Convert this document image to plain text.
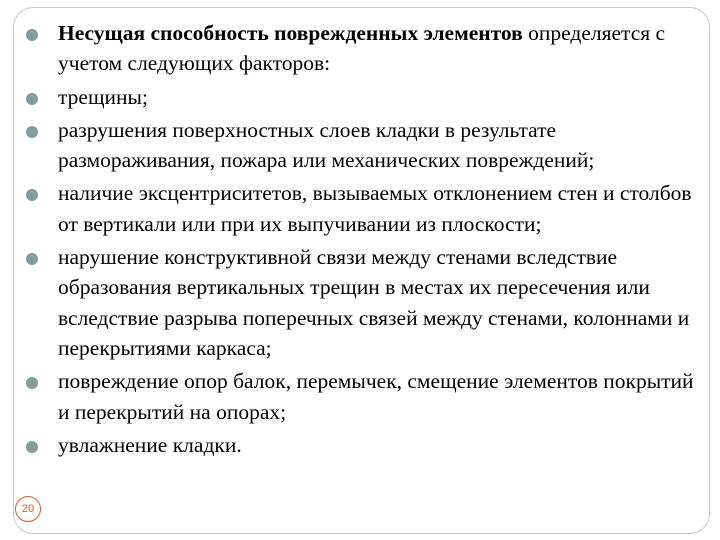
Несущая способность поврежденных элементов определяется с учетом следующих факторов:
трещины;
разрушения поверхностных слоев кладки в результате размораживания, пожара или механических повреждений;
наличие эксцентриситетов, вызываемых отклонением стен и столбов от вертикали или при их выпучивании из плоскости;
нарушение конструктивной связи между стенами вследствие образования вертикальных трещин в местах их пересечения или вследствие разрыва поперечных связей между стенами, колоннами и перекрытиями каркаса;
повреждение опор балок, перемычек, смещение элементов покрытий и перекрытий на опорах;
увлажнение кладки.
20
